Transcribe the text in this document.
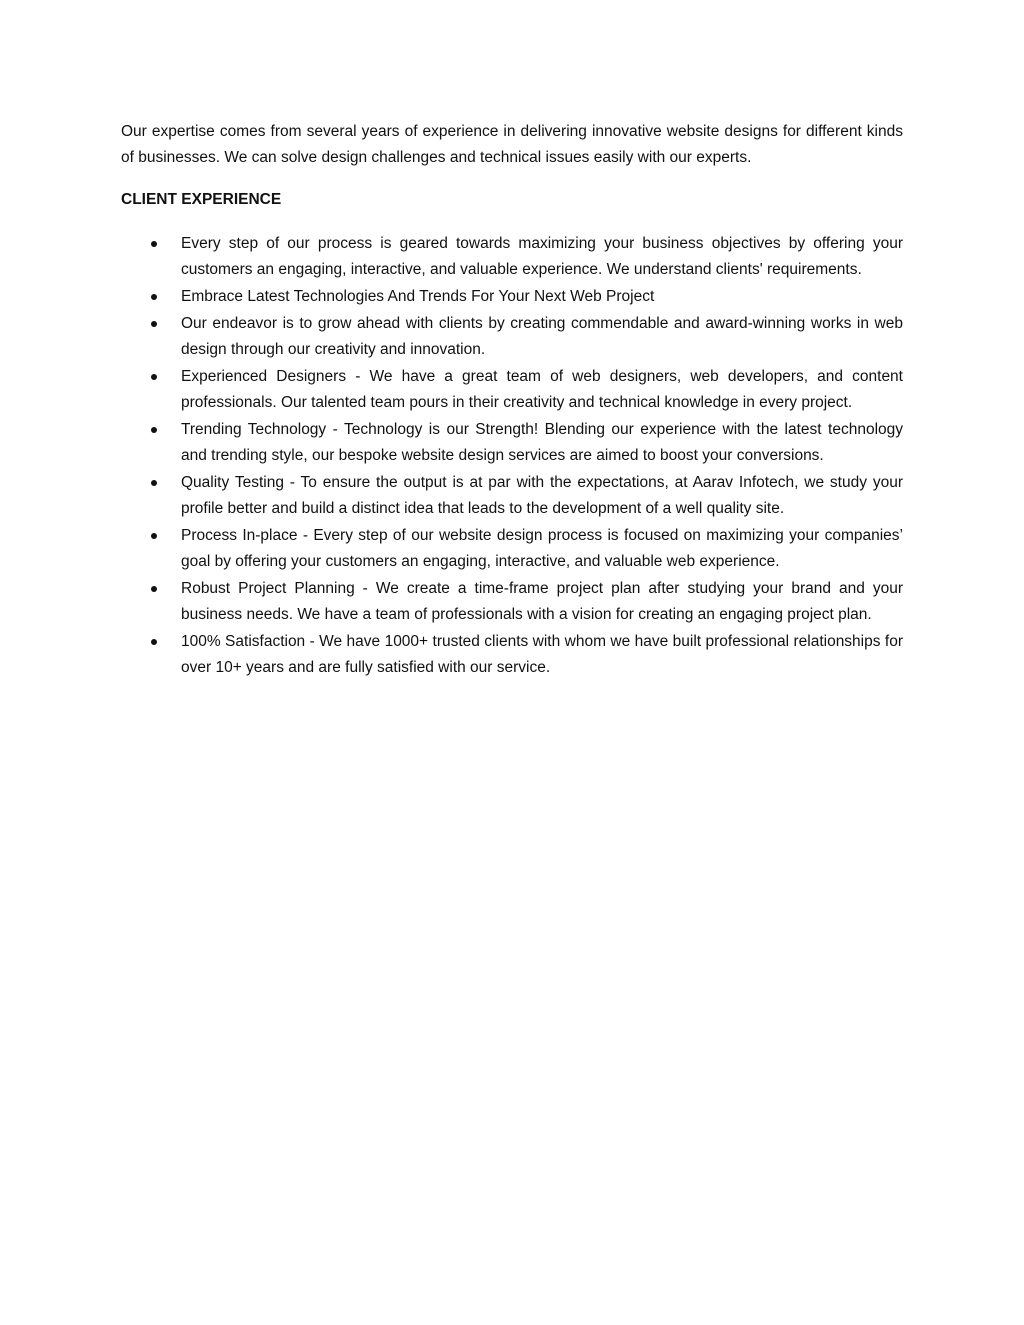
Our expertise comes from several years of experience in delivering innovative website designs for different kinds of businesses. We can solve design challenges and technical issues easily with our experts.

CLIENT EXPERIENCE
Every step of our process is geared towards maximizing your business objectives by offering your customers an engaging, interactive, and valuable experience. We understand clients' requirements.
Embrace Latest Technologies And Trends For Your Next Web Project
Our endeavor is to grow ahead with clients by creating commendable and award-winning works in web design through our creativity and innovation.
Experienced Designers - We have a great team of web designers, web developers, and content professionals. Our talented team pours in their creativity and technical knowledge in every project.
Trending Technology - Technology is our Strength! Blending our experience with the latest technology and trending style, our bespoke website design services are aimed to boost your conversions.
Quality Testing - To ensure the output is at par with the expectations, at Aarav Infotech, we study your profile better and build a distinct idea that leads to the development of a well quality site.
Process In-place - Every step of our website design process is focused on maximizing your companies’ goal by offering your customers an engaging, interactive, and valuable web experience.
Robust Project Planning - We create a time-frame project plan after studying your brand and your business needs. We have a team of professionals with a vision for creating an engaging project plan.
100% Satisfaction - We have 1000+ trusted clients with whom we have built professional relationships for over 10+ years and are fully satisfied with our service.
